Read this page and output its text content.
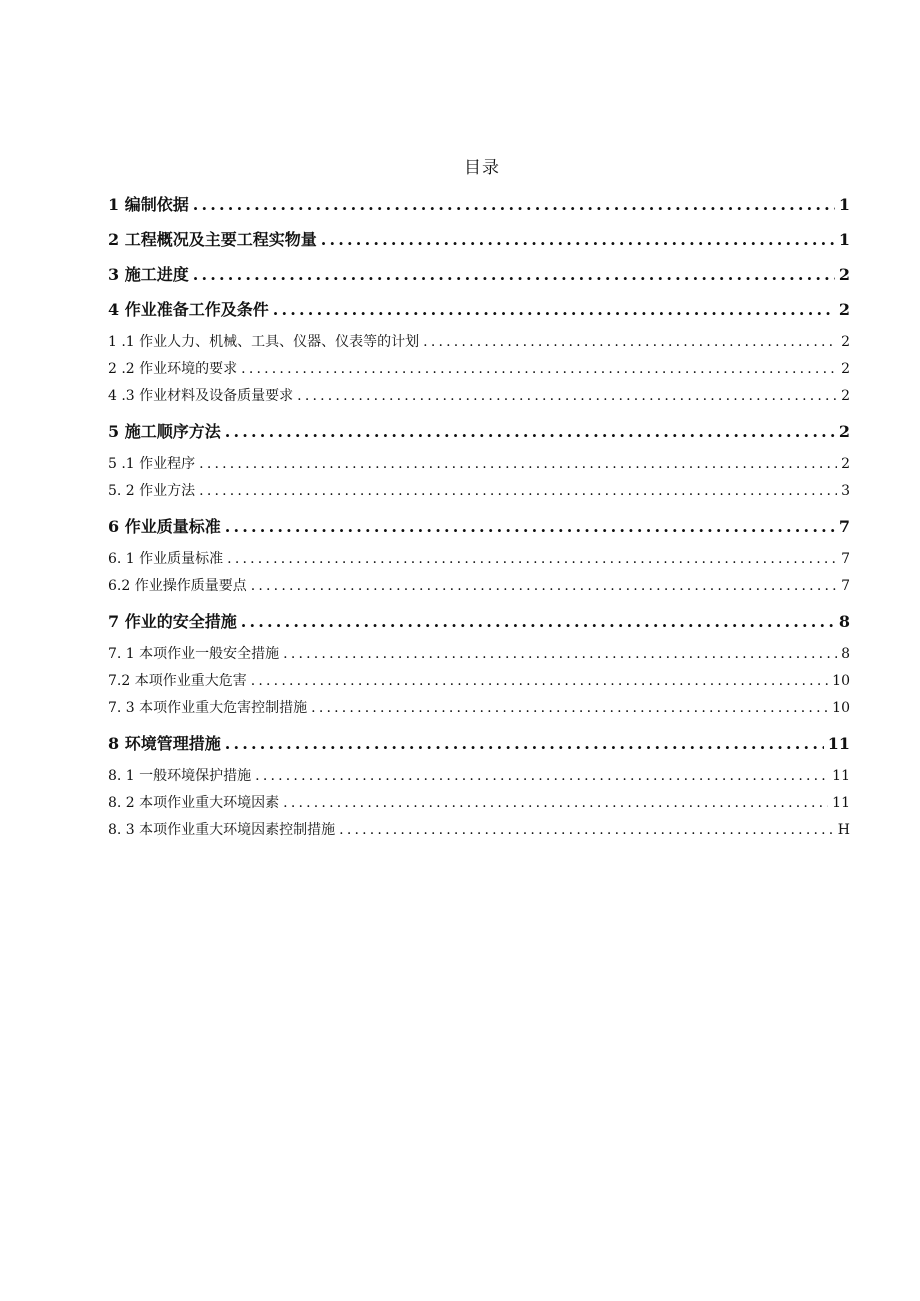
目录
1 编制依据 .....	1
2 工程概况及主要工程实物量 .....	1
3 施工进度 .....	2
4 作业准备工作及条件 .....	2
1 .1 作业人力、机械、工具、仪器、仪表等的计划 .....	2
2 .2 作业环境的要求 .....	2
4 .3 作业材料及设备质量要求 .....	2
5 施工顺序方法 .....	2
5 .1 作业程序 .....	2
5. 2 作业方法 .....	3
6 作业质量标准 .....	7
6. 1 作业质量标准 .....	7
6.2 作业操作质量要点 .....	7
7 作业的安全措施 .....	8
7. 1 本项作业一般安全措施 .....	8
7.2 本项作业重大危害 .....	10
7. 3 本项作业重大危害控制措施 .....	10
8 环境管理措施 .....	11
8. 1 一般环境保护措施 .....	11
8. 2 本项作业重大环境因素 .....	11
8. 3 本项作业重大环境因素控制措施 .....	H
